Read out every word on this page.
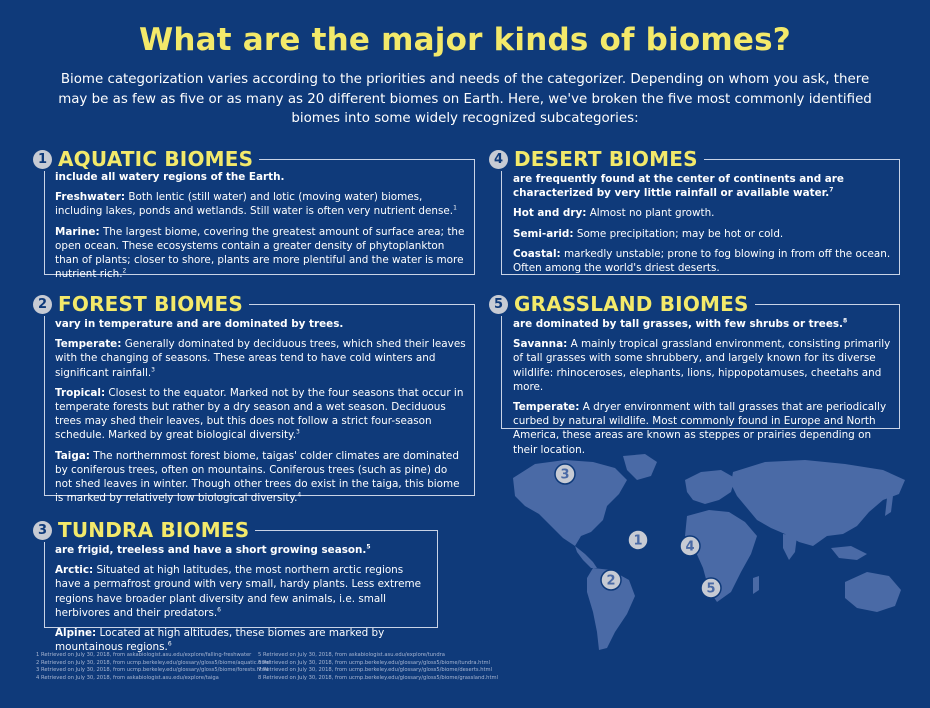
What are the major kinds of biomes?
Biome categorization varies according to the priorities and needs of the categorizer. Depending on whom you ask, there may be as few as five or as many as 20 different biomes on Earth. Here, we've broken the five most commonly identified biomes into some widely recognized subcategories:
1 AQUATIC BIOMES
include all watery regions of the Earth.

Freshwater: Both lentic (still water) and lotic (moving water) biomes, including lakes, ponds and wetlands. Still water is often very nutrient dense.$^1$

Marine: The largest biome, covering the greatest amount of surface area; the open ocean. These ecosystems contain a greater density of phytoplankton than of plants; closer to shore, plants are more plentiful and the water is more nutrient rich.$^2$

2 FOREST BIOMES
vary in temperature and are dominated by trees.

Temperate: Generally dominated by deciduous trees, which shed their leaves with the changing of seasons. These areas tend to have cold winters and significant rainfall.$^3$

Tropical: Closest to the equator. Marked not by the four seasons that occur in temperate forests but rather by a dry season and a wet season. Deciduous trees may shed their leaves, but this does not follow a strict four-season schedule. Marked by great biological diversity.$^3$

Taiga: The northernmost forest biome, taigas' colder climates are dominated by coniferous trees, often on mountains. Coniferous trees (such as pine) do not shed leaves in winter. Though other trees do exist in the taiga, this biome is marked by relatively low biological diversity.$^4$

3 TUNDRA BIOMES
are frigid, treeless and have a short growing season.$^5$

Arctic: Situated at high latitudes, the most northern arctic regions have a permafrost ground with very small, hardy plants. Less extreme regions have broader plant diversity and few animals, i.e. small herbivores and their predators.$^6$

Alpine: Located at high altitudes, these biomes are marked by mountainous regions.$^6$

4 DESERT BIOMES
are frequently found at the center of continents and are characterized by very little rainfall or available water.$^7$

Hot and dry: Almost no plant growth.

Semi-arid: Some precipitation; may be hot or cold.

Coastal: markedly unstable; prone to fog blowing in from off the ocean. Often among the world's driest deserts.

5 GRASSLAND BIOMES
are dominated by tall grasses, with few shrubs or trees.$^8$

Savanna: A mainly tropical grassland environment, consisting primarily of tall grasses with some shrubbery, and largely known for its diverse wildlife: rhinoceroses, elephants, lions, hippopotamuses, cheetahs and more.

Temperate: A dryer environment with tall grasses that are periodically curbed by natural wildlife. Most commonly found in Europe and North America, these areas are known as steppes or prairies depending on their location.

3
1	4
2
5
1 Retrieved on July 30, 2018, from askabiologist.asu.edu/explore/falling-freshwater
2 Retrieved on July 30, 2018, from ucmp.berkeley.edu/glossary/gloss5/biome/aquatic.html
3 Retrieved on July 30, 2018, from ucmp.berkeley.edu/glossary/gloss5/biome/forests.html
4 Retrieved on July 30, 2018, from askabiologist.asu.edu/explore/taiga
5 Retrieved on July 30, 2018, from askabiologist.asu.edu/explore/tundra
6 Retrieved on July 30, 2018, from ucmp.berkeley.edu/glossary/gloss5/biome/tundra.html
7 Retrieved on July 30, 2018, from ucmp.berkeley.edu/glossary/gloss5/biome/deserts.html
8 Retrieved on July 30, 2018, from ucmp.berkeley.edu/glossary/gloss5/biome/grassland.html
